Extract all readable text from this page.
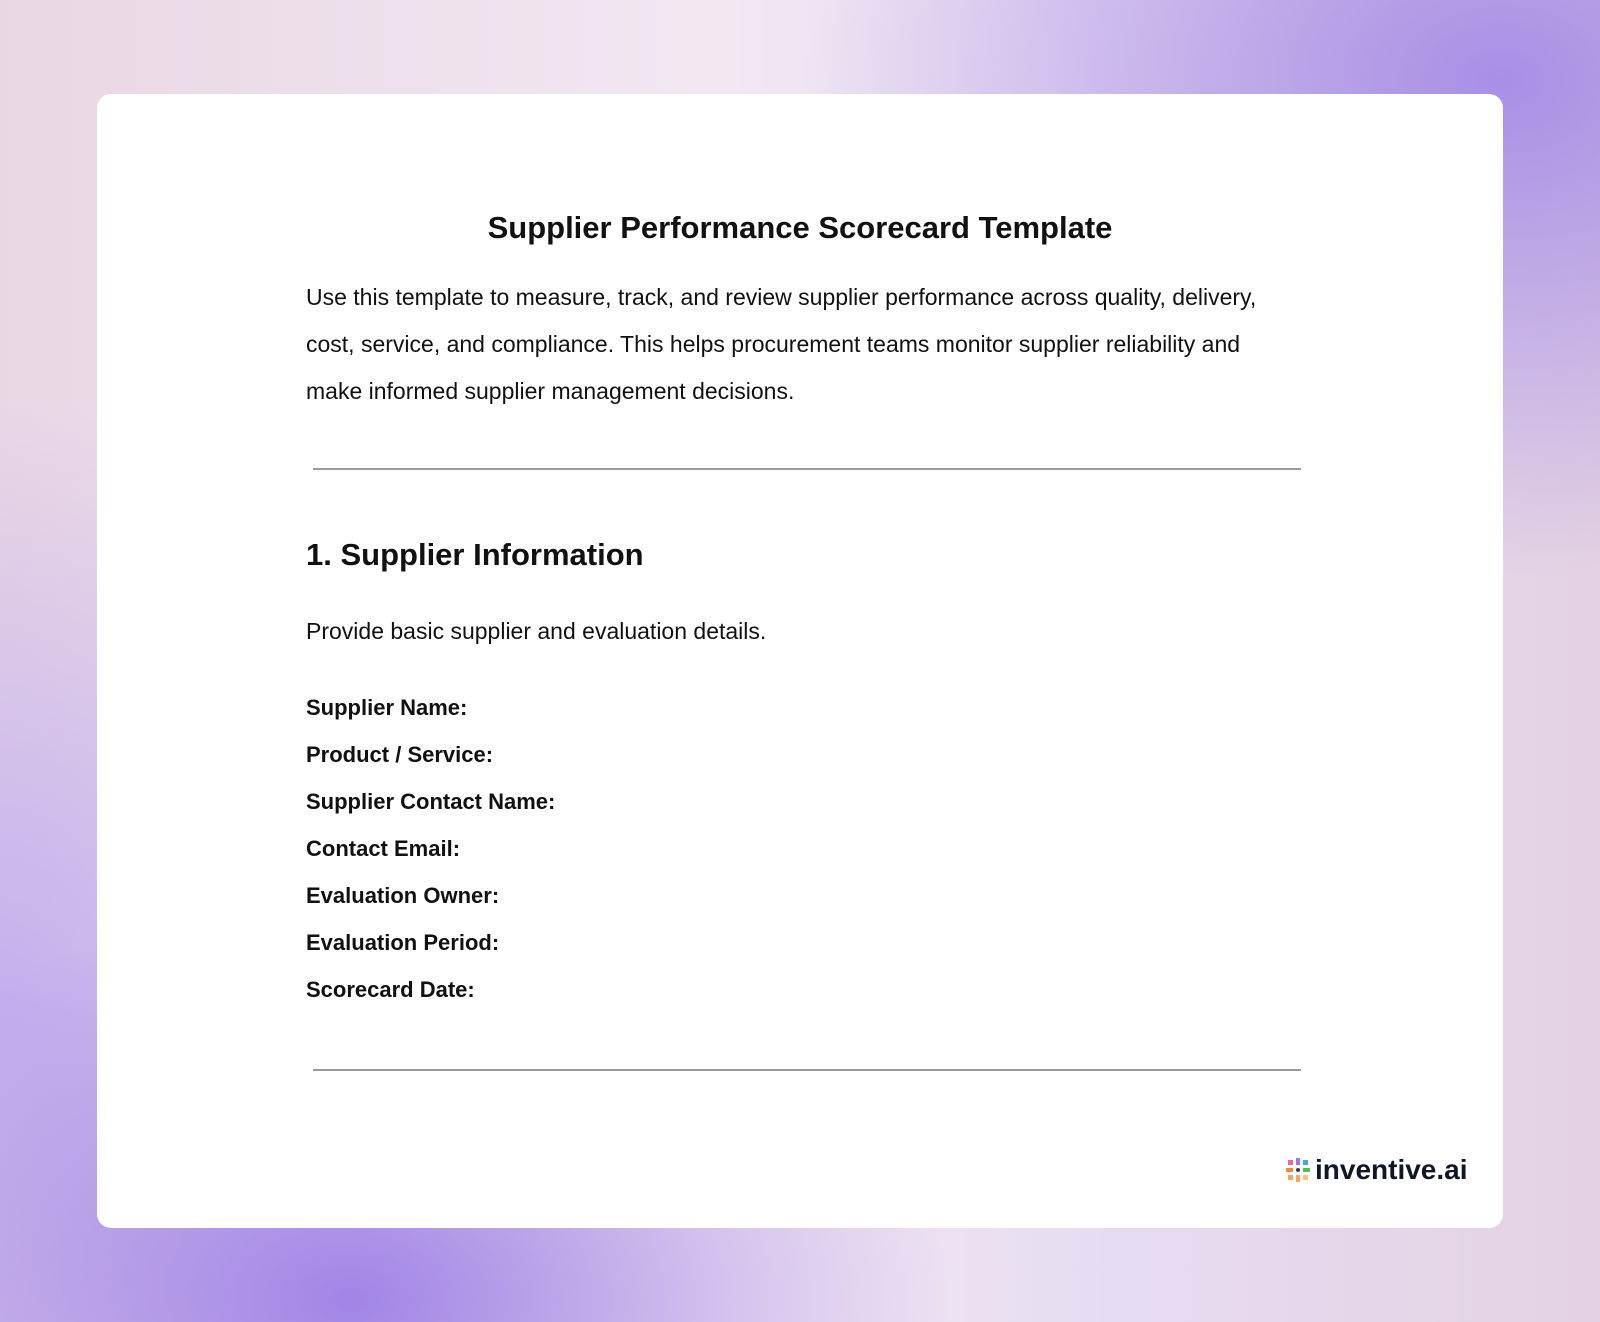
Supplier Performance Scorecard Template
Use this template to measure, track, and review supplier performance across quality, delivery, cost, service, and compliance. This helps procurement teams monitor supplier reliability and make informed supplier management decisions.
1. Supplier Information
Provide basic supplier and evaluation details.
Supplier Name:
Product / Service:
Supplier Contact Name:
Contact Email:
Evaluation Owner:
Evaluation Period:
Scorecard Date:
inventive.ai
